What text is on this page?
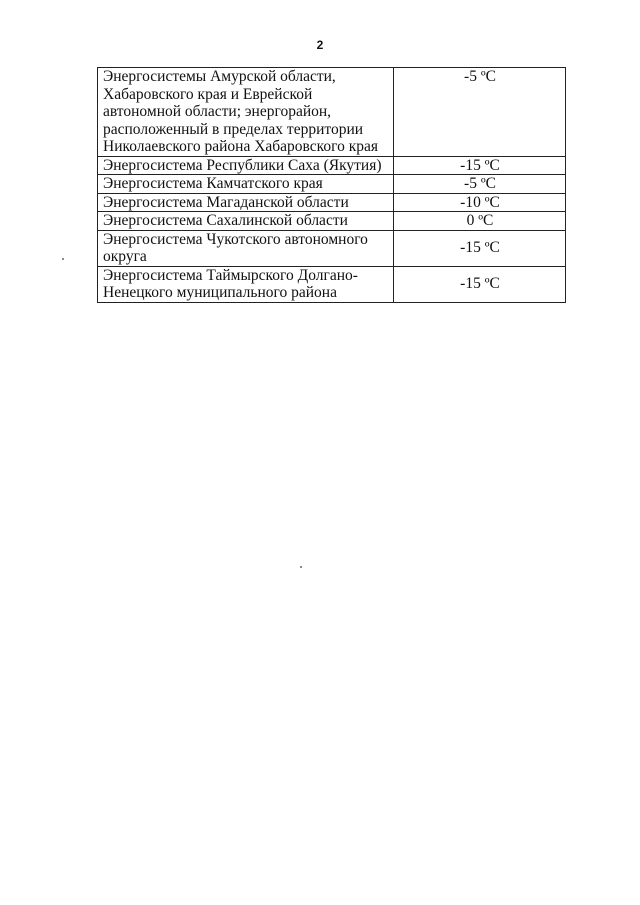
2
Энергосистемы Амурской области,
Хабаровского края и Еврейской
автономной области; энергорайон,
расположенный в пределах территории
Николаевского района Хабаровского края	-5 ºC
Энергосистема Республики Саха (Якутия)	-15 ºC
Энергосистема Камчатского края	-5 ºC
Энергосистема Магаданской области	-10 ºC
Энергосистема Сахалинской области	0 ºC
Энергосистема Чукотского автономного
округа	-15 ºC
Энергосистема Таймырского Долгано-
Ненецкого муниципального района	-15 ºC
